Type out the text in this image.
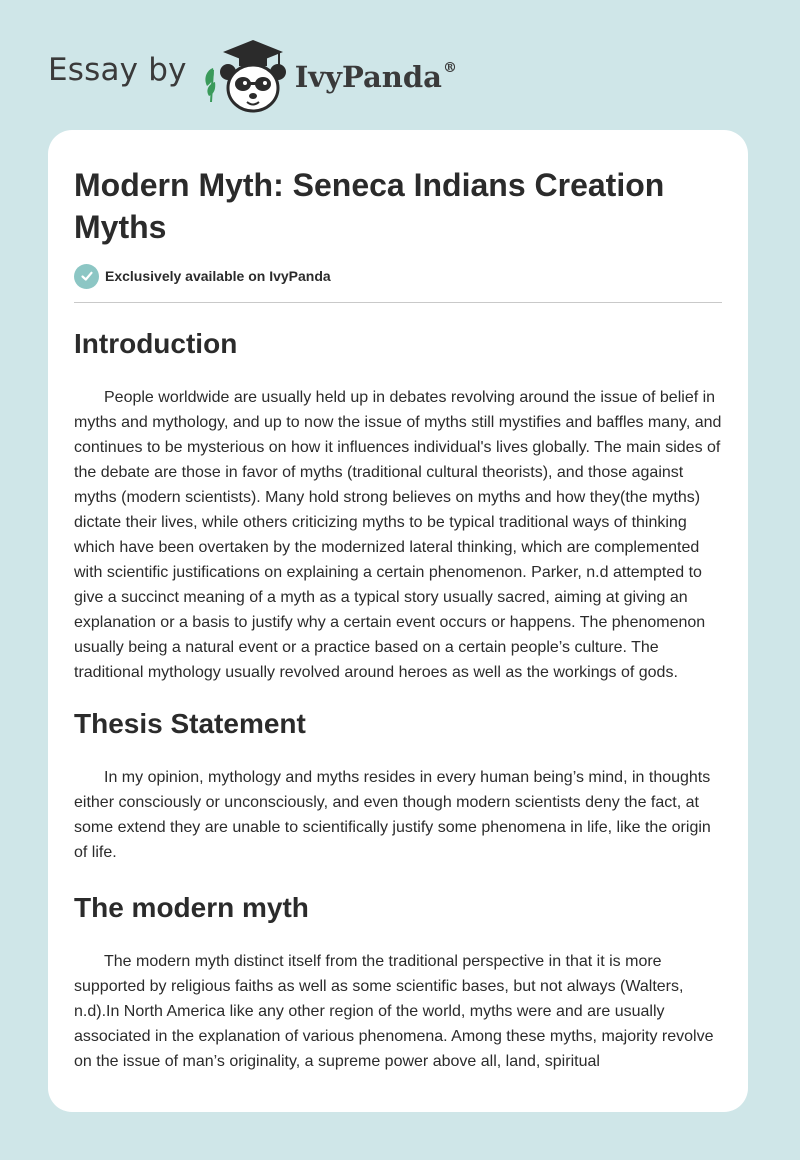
Essay by	IvyPanda®
Modern Myth: Seneca Indians Creation Myths
Exclusively available on IvyPanda
Introduction

People worldwide are usually held up in debates revolving around the issue of belief in myths and mythology, and up to now the issue of myths still mystifies and baffles many, and continues to be mysterious on how it influences individual's lives globally. The main sides of the debate are those in favor of myths (traditional cultural theorists), and those against myths (modern scientists). Many hold strong believes on myths and how they(the myths) dictate their lives, while others criticizing myths to be typical traditional ways of thinking which have been overtaken by the modernized lateral thinking, which are complemented with scientific justifications on explaining a certain phenomenon. Parker, n.d attempted to give a succinct meaning of a myth as a typical story usually sacred, aiming at giving an explanation or a basis to justify why a certain event occurs or happens. The phenomenon usually being a natural event or a practice based on a certain people’s culture. The traditional mythology usually revolved around heroes as well as the workings of gods.

Thesis Statement

In my opinion, mythology and myths resides in every human being’s mind, in thoughts either consciously or unconsciously, and even though modern scientists deny the fact, at some extend they are unable to scientifically justify some phenomena in life, like the origin of life.

The modern myth

The modern myth distinct itself from the traditional perspective in that it is more supported by religious faiths as well as some scientific bases, but not always (Walters, n.d).In North America like any other region of the world, myths were and are usually associated in the explanation of various phenomena. Among these myths, majority revolve on the issue of man’s originality, a supreme power above all, land, spiritual
